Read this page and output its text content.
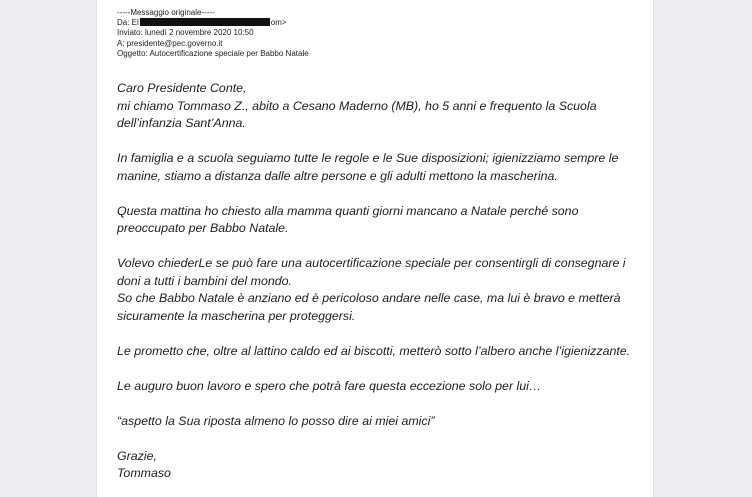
-----Messaggio originale-----
Da: El	om>
Inviato: lunedì 2 novembre 2020 10:50
A: presidente@pec.governo.it
Oggetto: Autocertificazione speciale per Babbo Natale

Caro Presidente Conte,

mi chiamo Tommaso Z., abito a Cesano Maderno (MB), ho 5 anni e frequento la Scuola dell’infanzia Sant’Anna.

In famiglia e a scuola seguiamo tutte le regole e le Sue disposizioni; igienizziamo sempre le manine, stiamo a distanza dalle altre persone e gli adulti mettono la mascherina.

Questa mattina ho chiesto alla mamma quanti giorni mancano a Natale perché sono preoccupato per Babbo Natale.

Volevo chiederLe se può fare una autocertificazione speciale per consentirgli di consegnare i doni a tutti i bambini del mondo.

So che Babbo Natale è anziano ed è pericoloso andare nelle case, ma lui è bravo e metterà sicuramente la mascherina per proteggersi.

Le prometto che, oltre al lattino caldo ed ai biscotti, metterò sotto l’albero anche l’igienizzante.

Le auguro buon lavoro e spero che potrà fare questa eccezione solo per lui…

“aspetto la Sua riposta almeno lo posso dire ai miei amici”

Grazie,

Tommaso
